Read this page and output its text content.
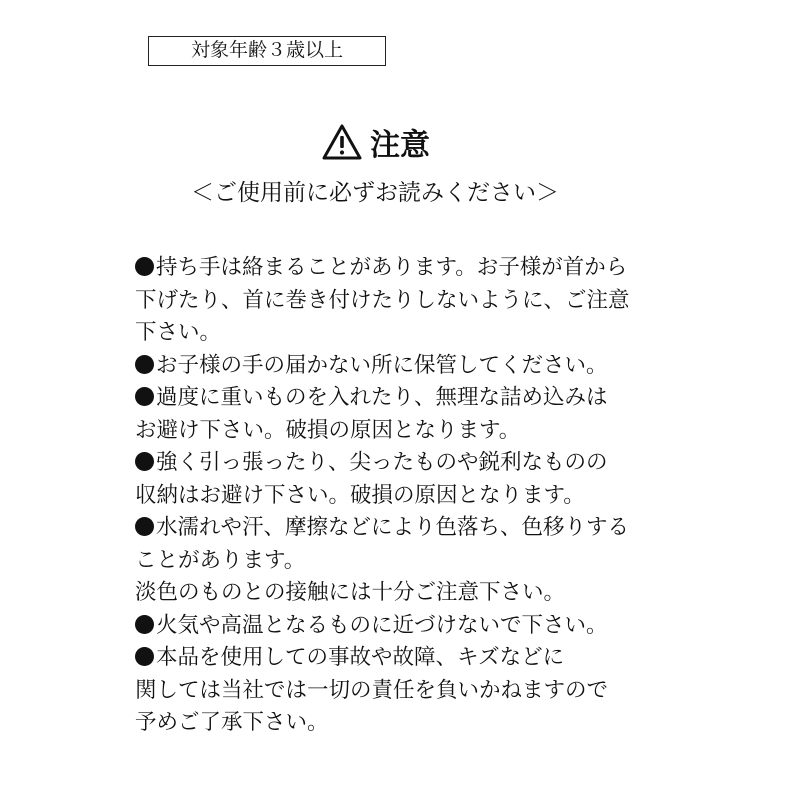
対象年齢３歳以上
注意
＜ご使用前に必ずお読みください＞
持ち手は絡まることがあります。お子様が首から
下げたり、首に巻き付けたりしないように、ご注意
下さい。
お子様の手の届かない所に保管してください。
過度に重いものを入れたり、無理な詰め込みは
お避け下さい。破損の原因となります。
強く引っ張ったり、尖ったものや鋭利なものの
収納はお避け下さい。破損の原因となります。
水濡れや汗、摩擦などにより色落ち、色移りする
ことがあります。
淡色のものとの接触には十分ご注意下さい。
火気や高温となるものに近づけないで下さい。
本品を使用しての事故や故障、キズなどに
関しては当社では一切の責任を負いかねますので
予めご了承下さい。
